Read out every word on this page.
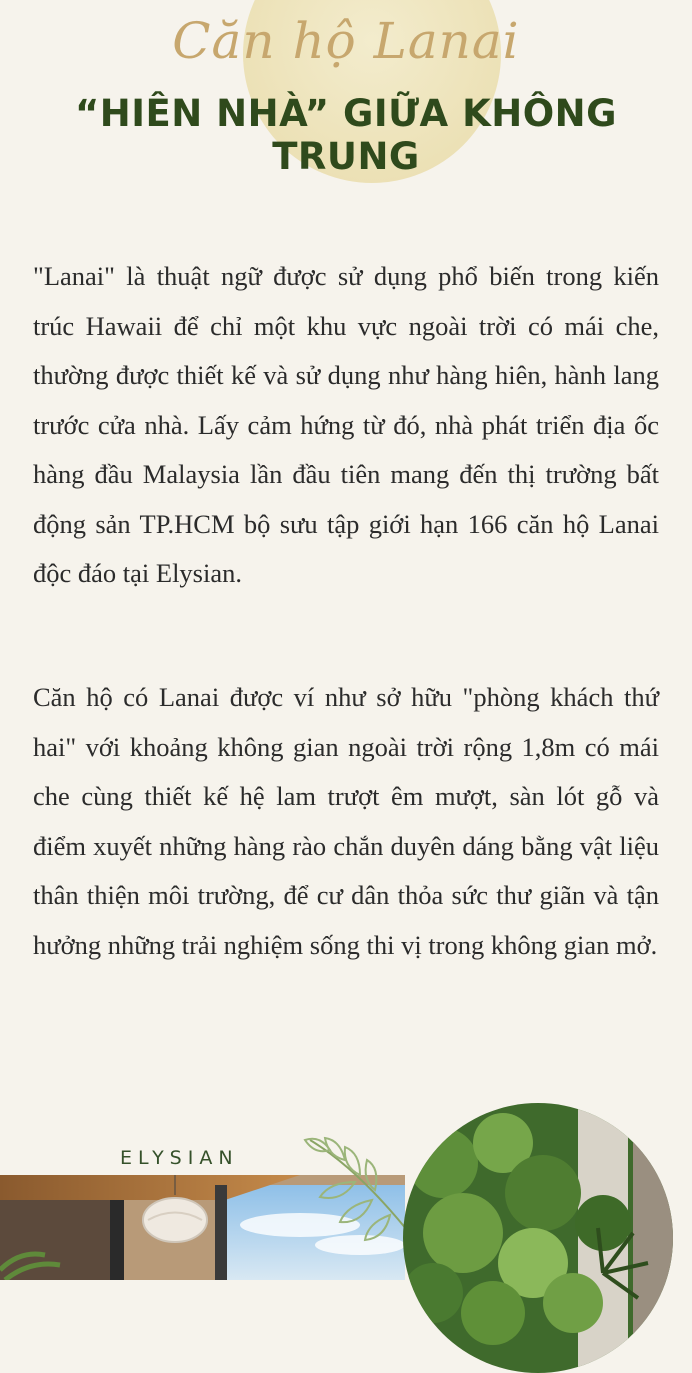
Căn hộ Lanai
“HIÊN NHÀ” GIỮA KHÔNG TRUNG

"Lanai" là thuật ngữ được sử dụng phổ biến trong kiến trúc Hawaii để chỉ một khu vực ngoài trời có mái che, thường được thiết kế và sử dụng như hàng hiên, hành lang trước cửa nhà. Lấy cảm hứng từ đó, nhà phát triển địa ốc hàng đầu Malaysia lần đầu tiên mang đến thị trường bất động sản TP.HCM bộ sưu tập giới hạn 166 căn hộ Lanai độc đáo tại Elysian.

Căn hộ có Lanai được ví như sở hữu "phòng khách thứ hai" với khoảng không gian ngoài trời rộng 1,8m có mái che cùng thiết kế hệ lam trượt êm mượt, sàn lót gỗ và điểm xuyết những hàng rào chắn duyên dáng bằng vật liệu thân thiện môi trường, để cư dân thỏa sức thư giãn và tận hưởng những trải nghiệm sống thi vị trong không gian mở.

ELYSIAN
